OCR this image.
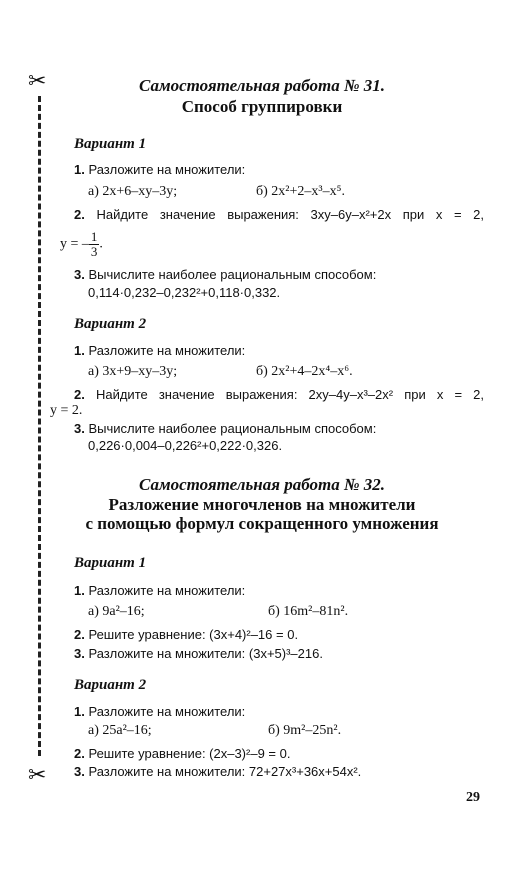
✂
✂
Самостоятельная работа № 31.
Способ группировки
Вариант 1
1. Разложите на множители:
а) 2x+6–xy–3y;	б) 2x²+2–x³–x⁵.
2. Найдите значение выражения: 3xy–6y–x²+2x при x = 2,
y = – $\frac{1}{3}$ .
3. Вычислите наиболее рациональным способом:
0,114·0,232–0,232²+0,118·0,332.
Вариант 2
1. Разложите на множители:
а) 3x+9–xy–3y;	б) 2x²+4–2x⁴–x⁶.
2. Найдите значение выражения: 2xy–4y–x³–2x² при x = 2,
y = 2.
3. Вычислите наиболее рациональным способом:
0,226·0,004–0,226²+0,222·0,326.
Самостоятельная работа № 32.
Разложение многочленов на множители
с помощью формул сокращенного умножения
Вариант 1
1. Разложите на множители:
а) 9a²–16;	б) 16m²–81n².
2. Решите уравнение: (3x+4)²–16 = 0.
3. Разложите на множители: (3x+5)³–216.
Вариант 2
1. Разложите на множители:
а) 25a²–16;	б) 9m²–25n².
2. Решите уравнение: (2x–3)²–9 = 0.
3. Разложите на множители: 72+27x³+36x+54x².
29
